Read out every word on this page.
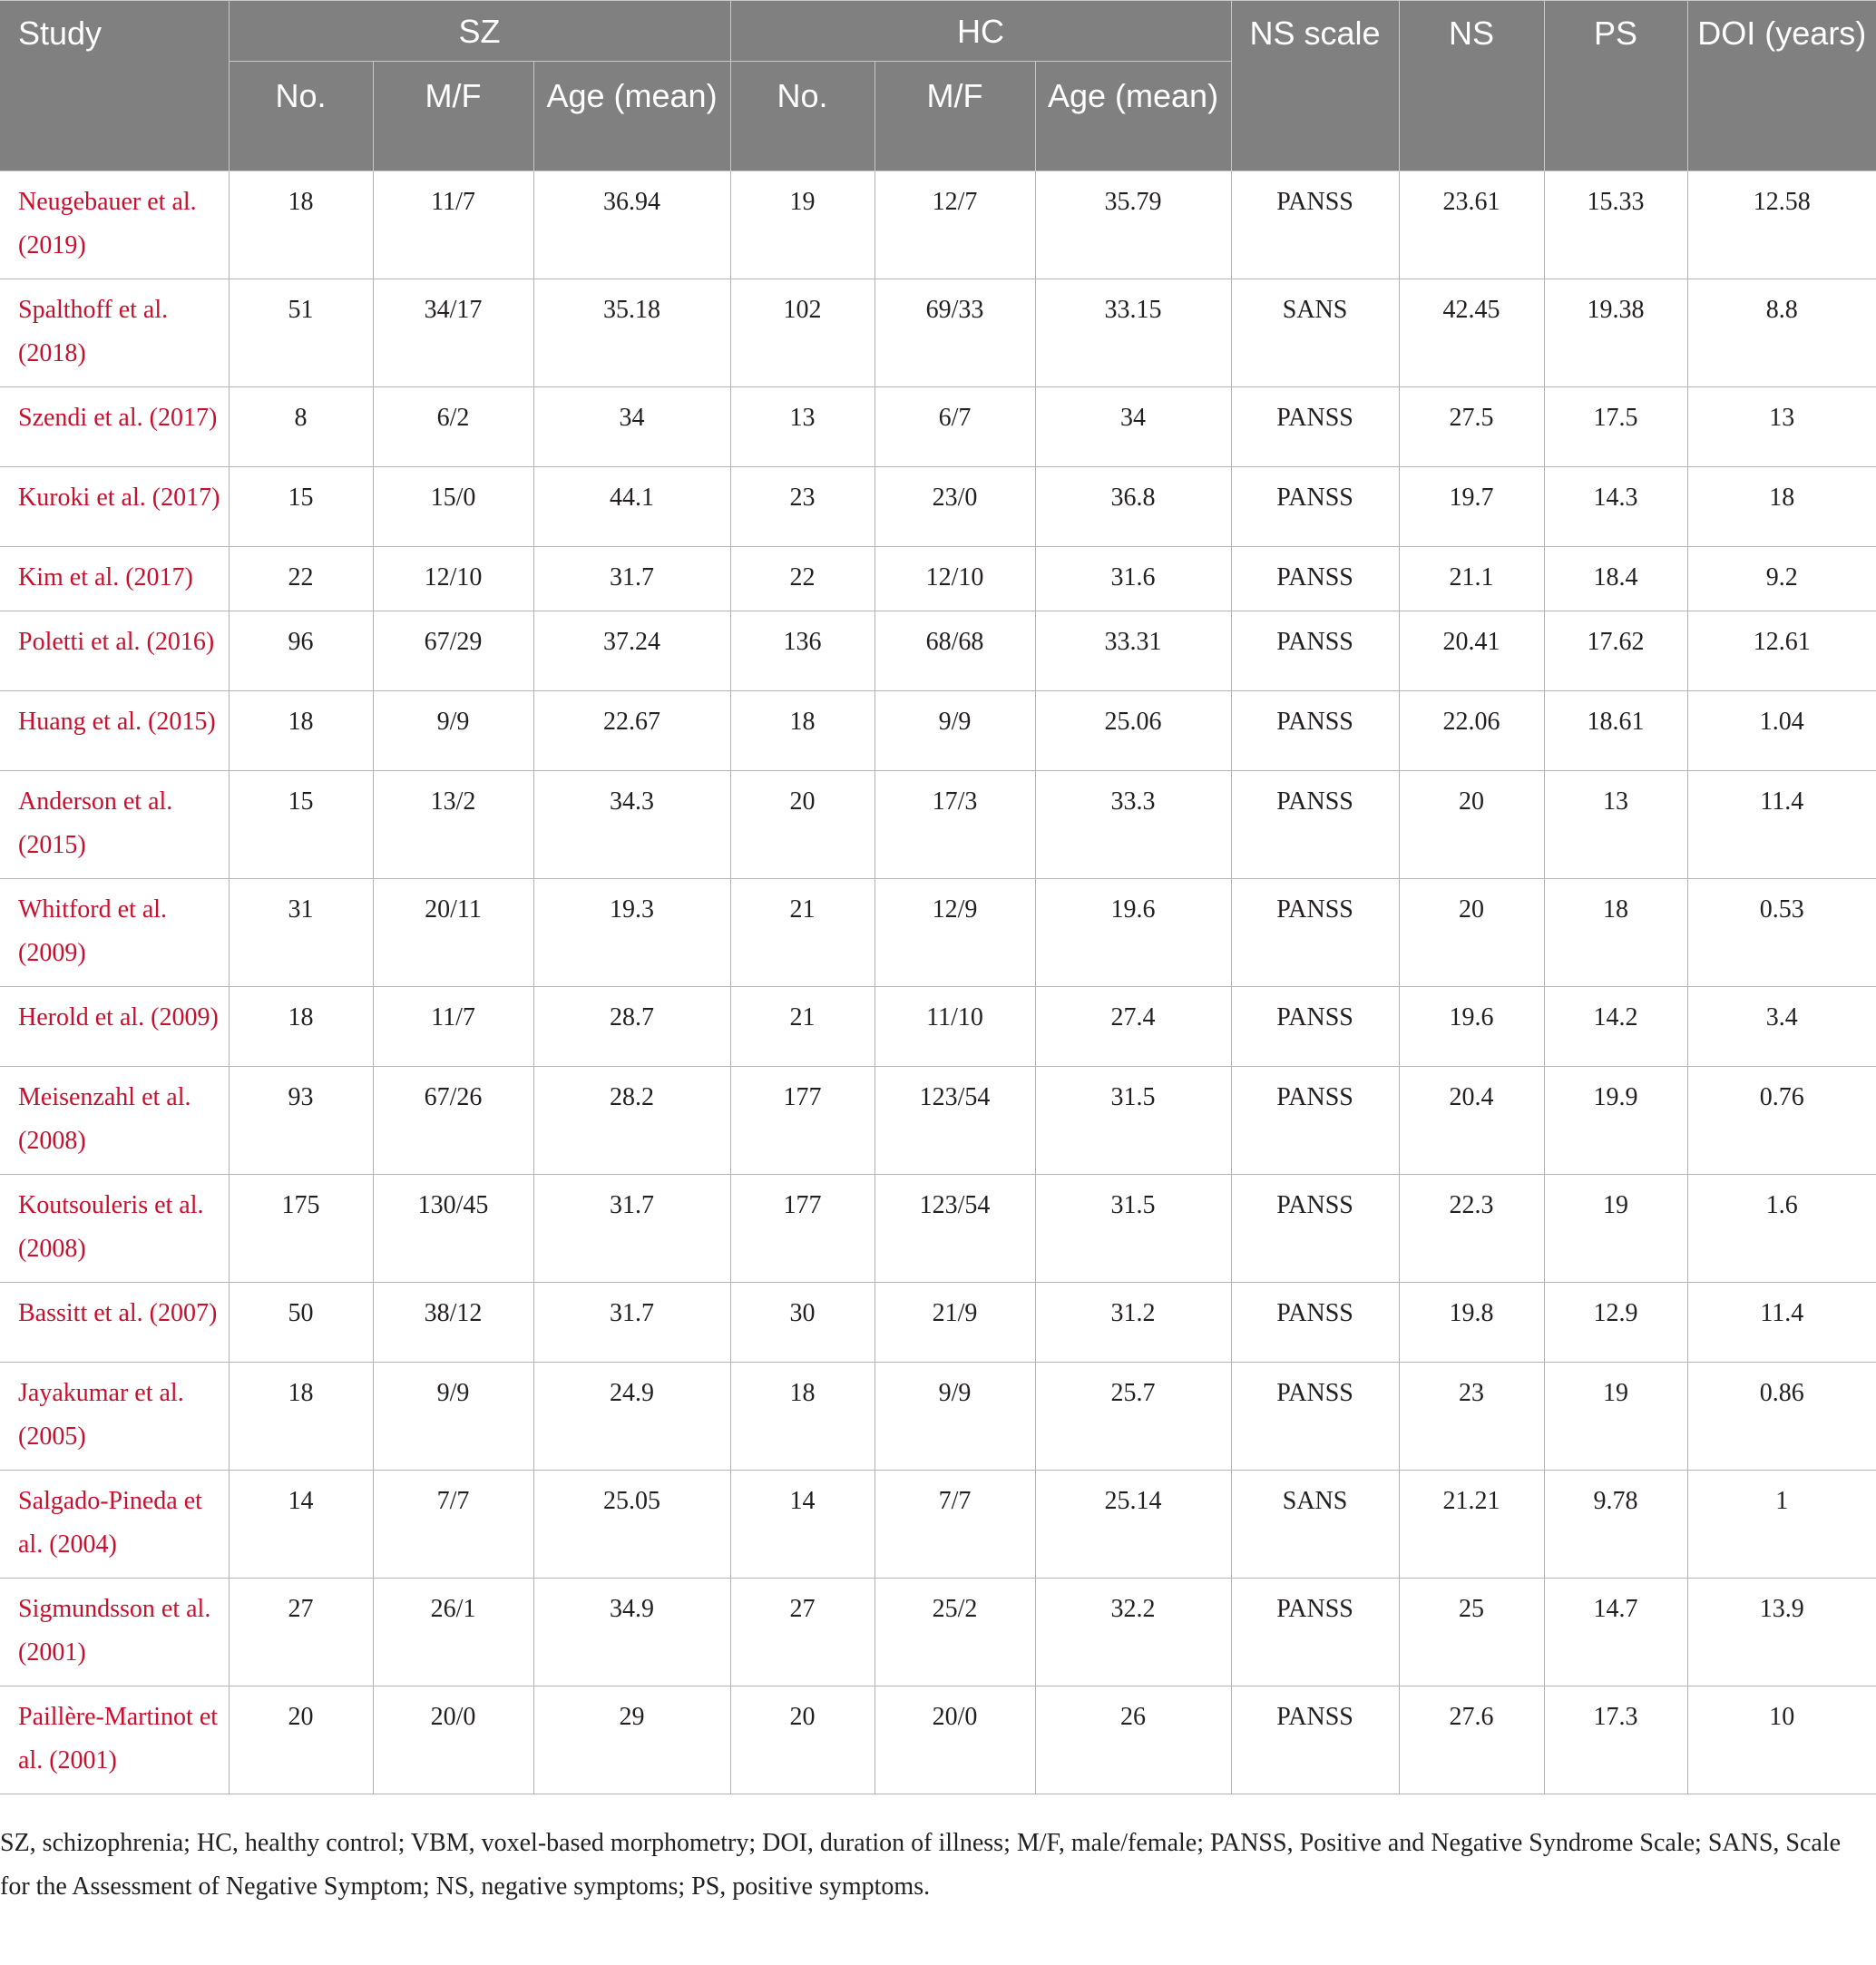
Study	SZ			HC			NS scale	NS	PS	DOI (years)
	No.	M/F	Age (mean)	No.	M/F	Age (mean)				
Neugebauer et al. (2019)	18	11/7	36.94	19	12/7	35.79	PANSS	23.61	15.33	12.58
Spalthoff et al. (2018)	51	34/17	35.18	102	69/33	33.15	SANS	42.45	19.38	8.8
Szendi et al. (2017)	8	6/2	34	13	6/7	34	PANSS	27.5	17.5	13
Kuroki et al. (2017)	15	15/0	44.1	23	23/0	36.8	PANSS	19.7	14.3	18
Kim et al. (2017)	22	12/10	31.7	22	12/10	31.6	PANSS	21.1	18.4	9.2
Poletti et al. (2016)	96	67/29	37.24	136	68/68	33.31	PANSS	20.41	17.62	12.61
Huang et al. (2015)	18	9/9	22.67	18	9/9	25.06	PANSS	22.06	18.61	1.04
Anderson et al. (2015)	15	13/2	34.3	20	17/3	33.3	PANSS	20	13	11.4
Whitford et al. (2009)	31	20/11	19.3	21	12/9	19.6	PANSS	20	18	0.53
Herold et al. (2009)	18	11/7	28.7	21	11/10	27.4	PANSS	19.6	14.2	3.4
Meisenzahl et al. (2008)	93	67/26	28.2	177	123/54	31.5	PANSS	20.4	19.9	0.76
Koutsouleris et al. (2008)	175	130/45	31.7	177	123/54	31.5	PANSS	22.3	19	1.6
Bassitt et al. (2007)	50	38/12	31.7	30	21/9	31.2	PANSS	19.8	12.9	11.4
Jayakumar et al. (2005)	18	9/9	24.9	18	9/9	25.7	PANSS	23	19	0.86
Salgado-Pineda et al. (2004)	14	7/7	25.05	14	7/7	25.14	SANS	21.21	9.78	1
Sigmundsson et al. (2001)	27	26/1	34.9	27	25/2	32.2	PANSS	25	14.7	13.9
Paillère-Martinot et al. (2001)	20	20/0	29	20	20/0	26	PANSS	27.6	17.3	10
SZ, schizophrenia; HC, healthy control; VBM, voxel-based morphometry; DOI, duration of illness; M/F, male/female; PANSS, Positive and Negative Syndrome Scale; SANS, Scale for the Assessment of Negative Symptom; NS, negative symptoms; PS, positive symptoms.
